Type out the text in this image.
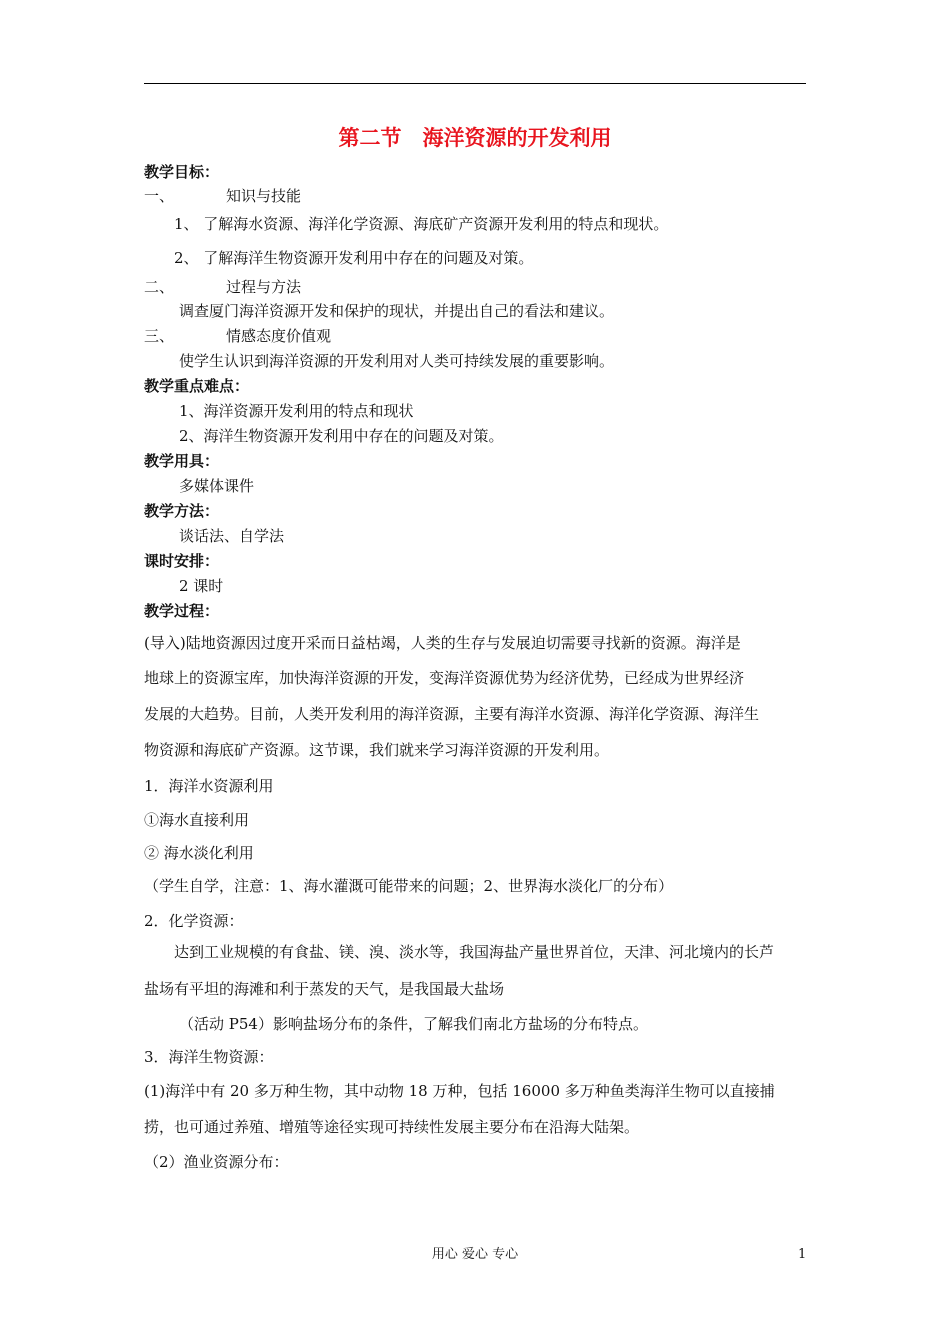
第二节　海洋资源的开发利用
教学目标：
一、	知识与技能
1、 了解海水资源、海洋化学资源、海底矿产资源开发利用的特点和现状。
2、 了解海洋生物资源开发利用中存在的问题及对策。
二、	过程与方法
调查厦门海洋资源开发和保护的现状，并提出自己的看法和建议。
三、	情感态度价值观
使学生认识到海洋资源的开发利用对人类可持续发展的重要影响。
教学重点难点：
1、海洋资源开发利用的特点和现状
2、海洋生物资源开发利用中存在的问题及对策。
教学用具：
多媒体课件
教学方法：
谈话法、自学法
课时安排：
2 课时
教学过程：
(导入)陆地资源因过度开采而日益枯竭，人类的生存与发展迫切需要寻找新的资源。海洋是
地球上的资源宝库，加快海洋资源的开发，变海洋资源优势为经济优势，已经成为世界经济
发展的大趋势。目前，人类开发利用的海洋资源，主要有海洋水资源、海洋化学资源、海洋生
物资源和海底矿产资源。这节课，我们就来学习海洋资源的开发利用。
1．海洋水资源利用
①海水直接利用
② 海水淡化利用
（学生自学，注意：1、海水灌溉可能带来的问题；2、世界海水淡化厂的分布）
2．化学资源：
达到工业规模的有食盐、镁、溴、淡水等，我国海盐产量世界首位，天津、河北境内的长芦
盐场有平坦的海滩和利于蒸发的天气，是我国最大盐场
（活动 P54）影响盐场分布的条件，了解我们南北方盐场的分布特点。
3．海洋生物资源：
(1)海洋中有 20 多万种生物，其中动物 18 万种，包括 16000 多万种鱼类海洋生物可以直接捕
捞，也可通过养殖、增殖等途径实现可持续性发展主要分布在沿海大陆架。
（2）渔业资源分布：
用心 爱心 专心	1
